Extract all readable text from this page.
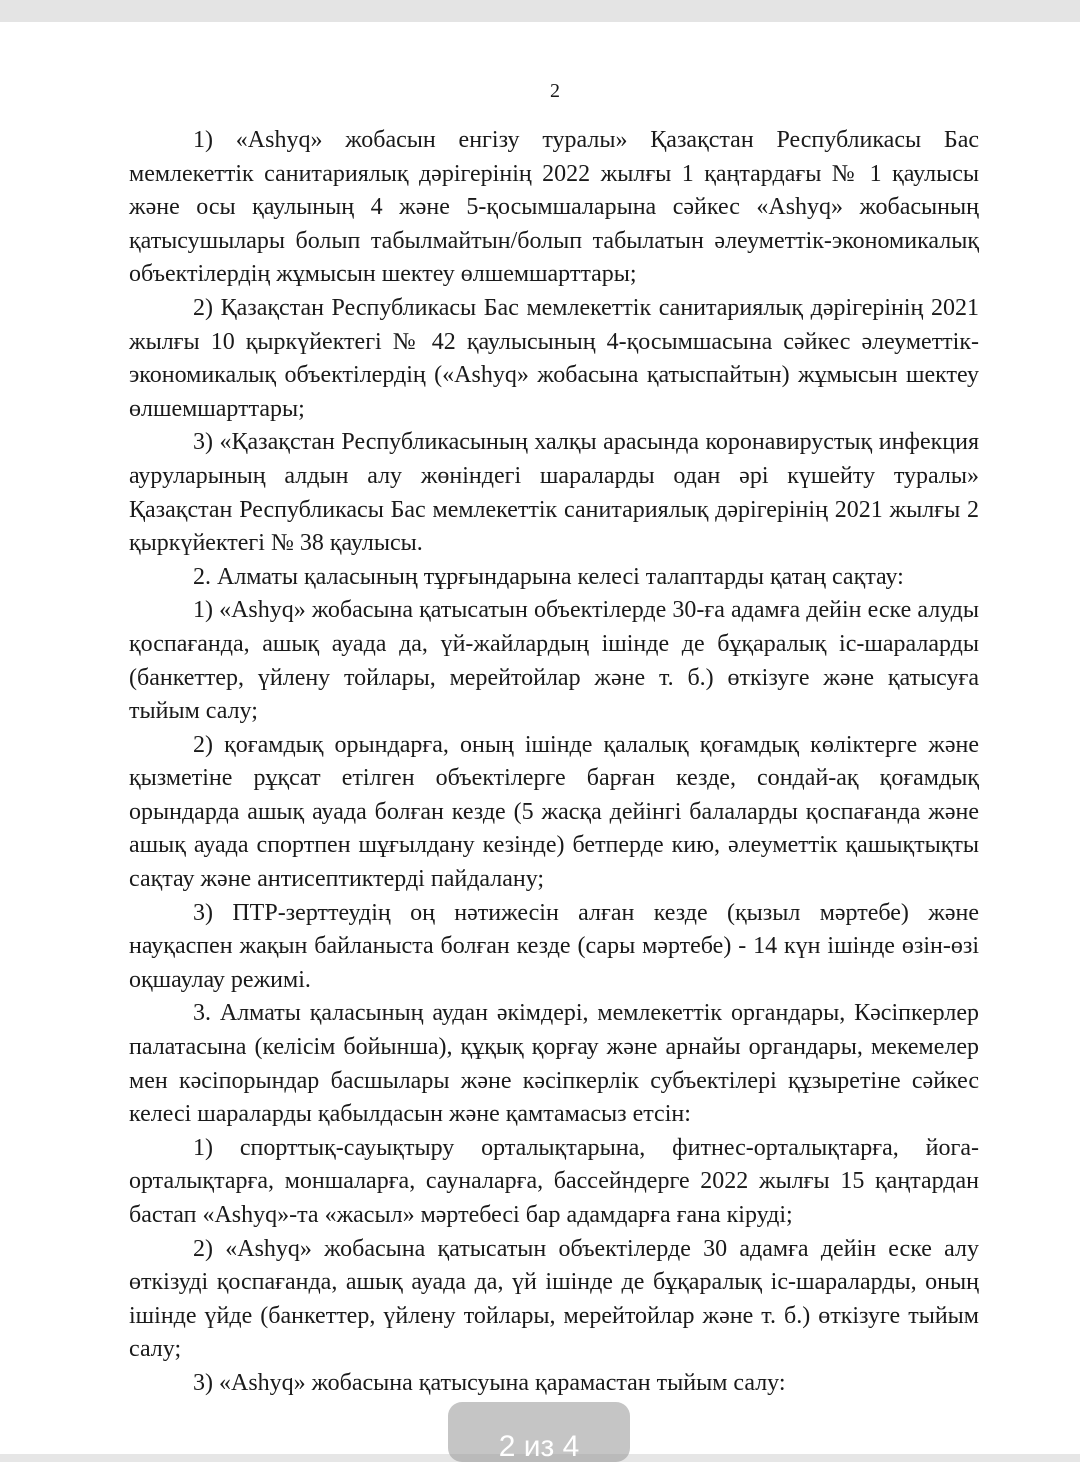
2

1) «Ashyq» жобасын енгізу туралы» Қазақстан Республикасы Бас мемлекеттік санитариялық дәрігерінің 2022 жылғы 1 қаңтардағы № 1 қаулысы және осы қаулының 4 және 5-қосымшаларына сәйкес «Ashyq» жобасының қатысушылары болып табылмайтын/болып табылатын әлеуметтік-экономикалық объектілердің жұмысын шектеу өлшемшарттары;

2) Қазақстан Республикасы Бас мемлекеттік санитариялық дәрігерінің 2021 жылғы 10 қыркүйектегі № 42 қаулысының 4-қосымшасына сәйкес әлеуметтік-экономикалық объектілердің («Ashyq» жобасына қатыспайтын) жұмысын шектеу өлшемшарттары;

3) «Қазақстан Республикасының халқы арасында коронавирустық инфекция ауруларының алдын алу жөніндегі шараларды одан әрі күшейту туралы» Қазақстан Республикасы Бас мемлекеттік санитариялық дәрігерінің 2021 жылғы 2 қыркүйектегі № 38 қаулысы.

2. Алматы қаласының тұрғындарына келесі талаптарды қатаң сақтау:

1) «Ashyq» жобасына қатысатын объектілерде 30-ға адамға дейін еске алуды қоспағанда, ашық ауада да, үй-жайлардың ішінде де бұқаралық іс-шараларды (банкеттер, үйлену тойлары, мерейтойлар және т. б.) өткізуге және қатысуға тыйым салу;

2) қоғамдық орындарға, оның ішінде қалалық қоғамдық көліктерге және қызметіне рұқсат етілген объектілерге барған кезде, сондай-ақ қоғамдық орындарда ашық ауада болған кезде (5 жасқа дейінгі балаларды қоспағанда және ашық ауада спортпен шұғылдану кезінде) бетперде кию, әлеуметтік қашықтықты сақтау және антисептиктерді пайдалану;

3) ПТР-зерттеудің оң нәтижесін алған кезде (қызыл мәртебе) және науқаспен жақын байланыста болған кезде (сары мәртебе) - 14 күн ішінде өзін-өзі оқшаулау режимі.

3. Алматы қаласының аудан әкімдері, мемлекеттік органдары, Кәсіпкерлер палатасына (келісім бойынша), құқық қорғау және арнайы органдары, мекемелер мен кәсіпорындар басшылары және кәсіпкерлік субъектілері құзыретіне сәйкес келесі шараларды қабылдасын және қамтамасыз етсін:

1) спорттық-сауықтыру орталықтарына, фитнес-орталықтарға, йога-орталықтарға, моншаларға, сауналарға, бассейндерге 2022 жылғы 15 қаңтардан бастап «Ashyq»-та «жасыл» мәртебесі бар адамдарға ғана кіруді;

2) «Ashyq» жобасына қатысатын объектілерде 30 адамға дейін еске алу өткізуді қоспағанда, ашық ауада да, үй ішінде де бұқаралық іс-шараларды, оның ішінде үйде (банкеттер, үйлену тойлары, мерейтойлар және т. б.) өткізуге тыйым салу;

3) «Ashyq» жобасына қатысуына қарамастан тыйым салу:

2 из 4
